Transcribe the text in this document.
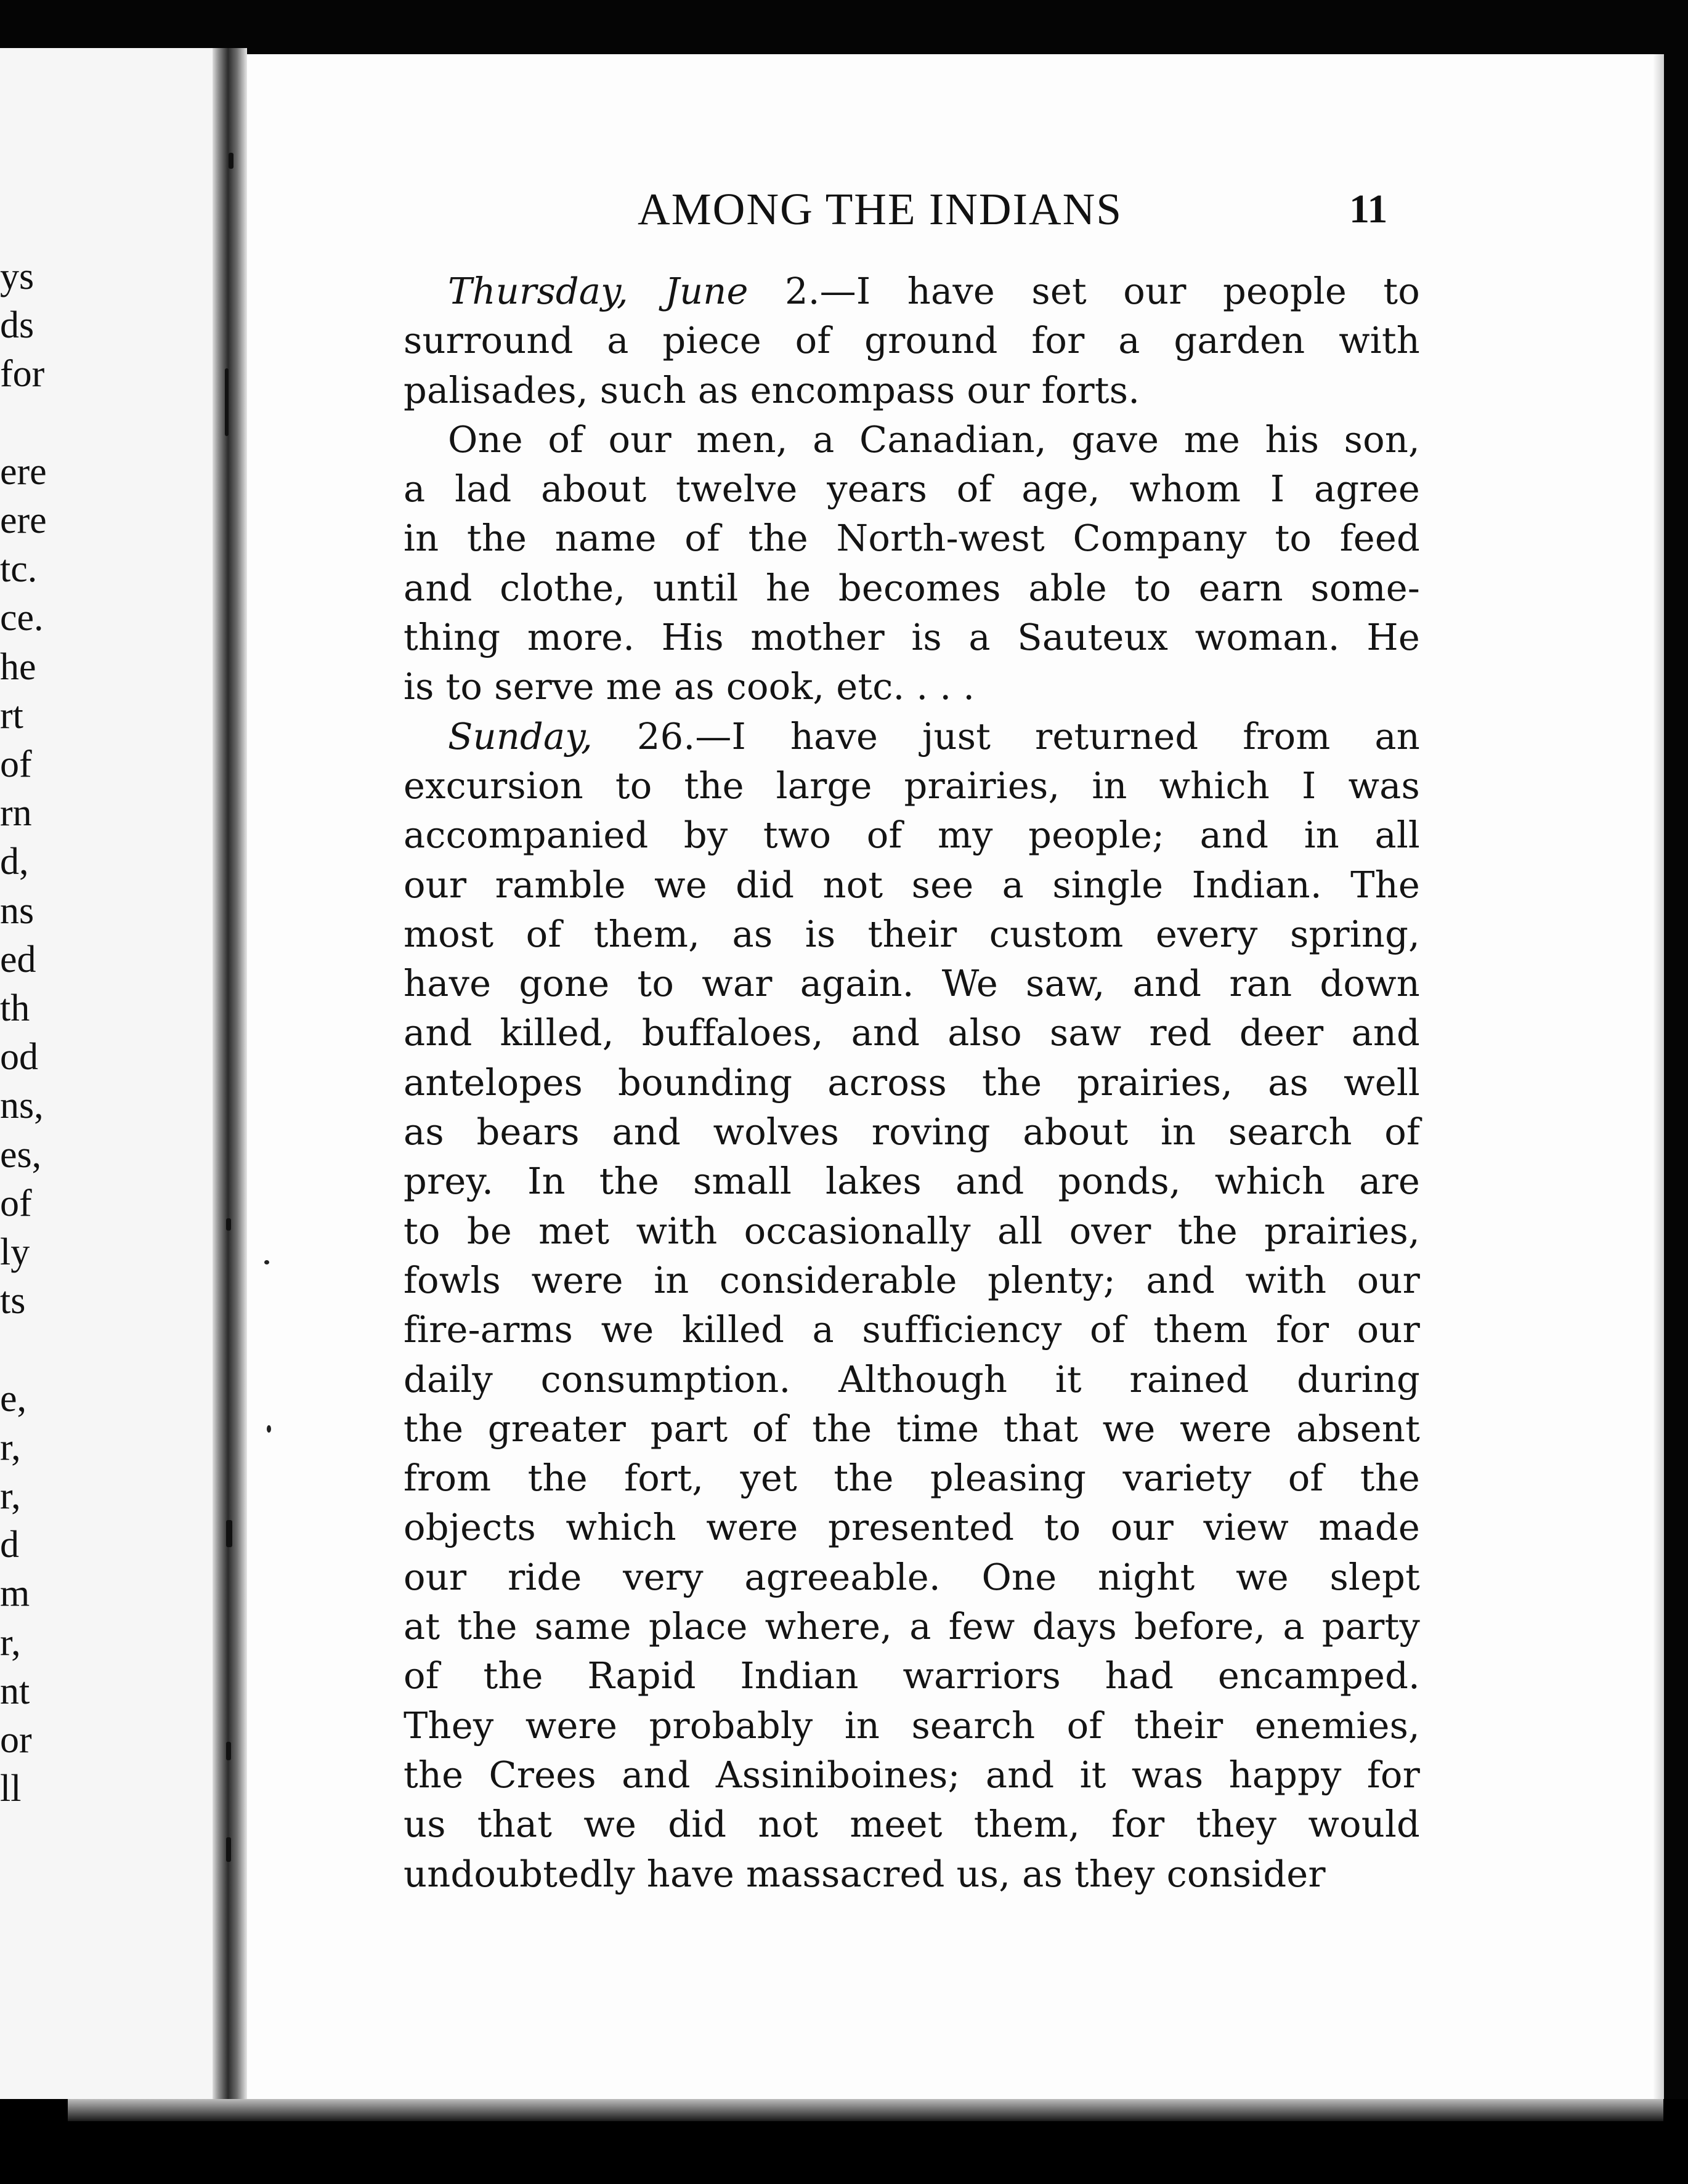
ys
ds
for
ere
ere
tc.
ce.
he
rt
of
rn
d,
ns
ed
th
od
ns,
es,
of
ly
ts
e,
r,
r,
d
m
r,
nt
or
ll
AMONG THE INDIANS	11
Thursday, June 2.—I have set our people to
surround a piece of ground for a garden with
palisades, such as encompass our forts.
One of our men, a Canadian, gave me his son,
a lad about twelve years of age, whom I agree
in the name of the North-west Company to feed
and clothe, until he becomes able to earn some-
thing more. His mother is a Sauteux woman. He
is to serve me as cook, etc. . . .
Sunday, 26.—I have just returned from an
excursion to the large prairies, in which I was
accompanied by two of my people; and in all
our ramble we did not see a single Indian. The
most of them, as is their custom every spring,
have gone to war again. We saw, and ran down
and killed, buffaloes, and also saw red deer and
antelopes bounding across the prairies, as well
as bears and wolves roving about in search of
prey. In the small lakes and ponds, which are
to be met with occasionally all over the prairies,
fowls were in considerable plenty; and with our
fire-arms we killed a sufficiency of them for our
daily consumption. Although it rained during
the greater part of the time that we were absent
from the fort, yet the pleasing variety of the
objects which were presented to our view made
our ride very agreeable. One night we slept
at the same place where, a few days before, a party
of the Rapid Indian warriors had encamped.
They were probably in search of their enemies,
the Crees and Assiniboines; and it was happy for
us that we did not meet them, for they would
undoubtedly have massacred us, as they consider
